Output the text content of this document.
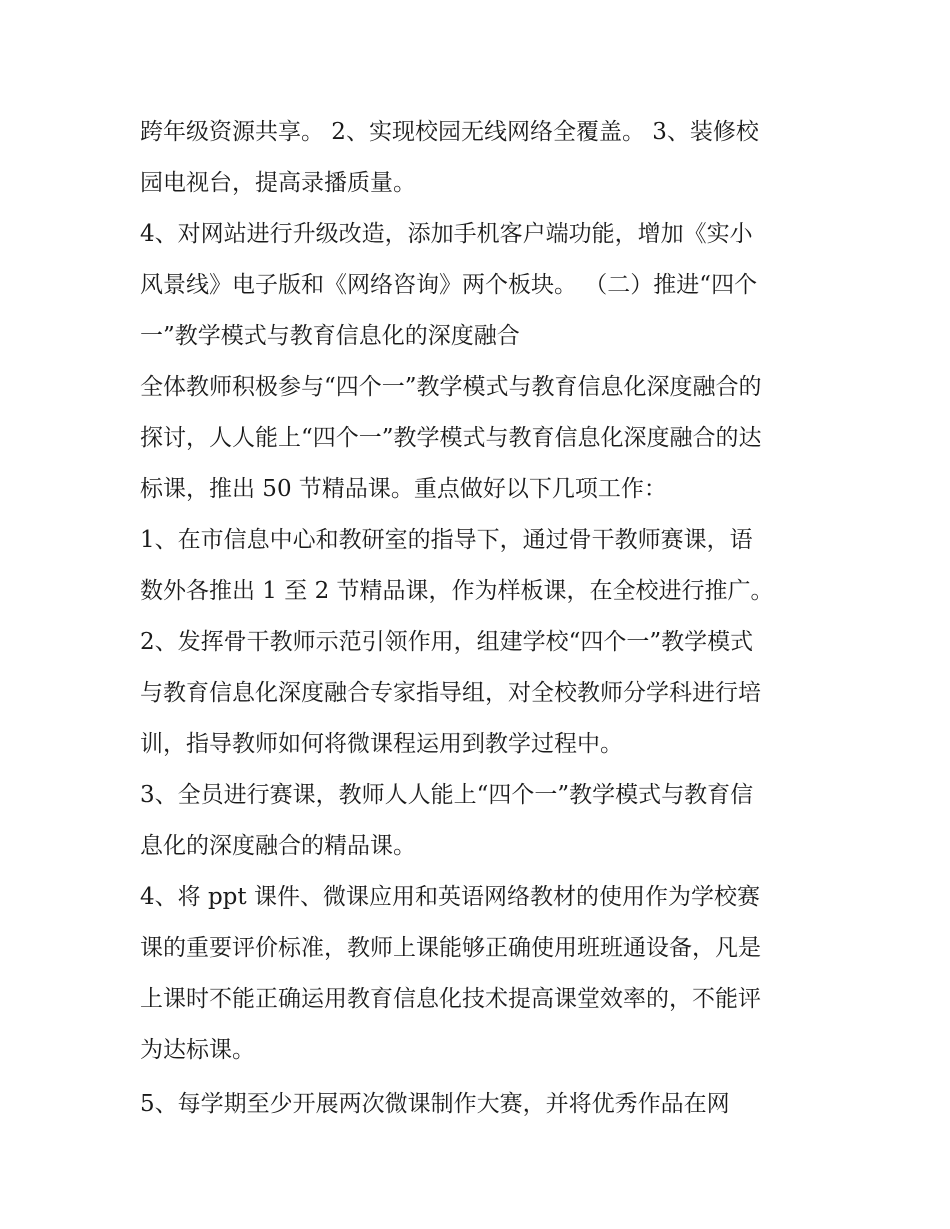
跨年级资源共享。 2、实现校园无线网络全覆盖。 3、装修校
园电视台，提高录播质量。
4、对网站进行升级改造，添加手机客户端功能，增加《实小
风景线》电子版和《网络咨询》两个板块。 （二）推进“四个
一”教学模式与教育信息化的深度融合
全体教师积极参与“四个一”教学模式与教育信息化深度融合的
探讨，人人能上“四个一”教学模式与教育信息化深度融合的达
标课，推出 50 节精品课。重点做好以下几项工作：
1、在市信息中心和教研室的指导下，通过骨干教师赛课，语
数外各推出 1 至 2 节精品课，作为样板课，在全校进行推广。
2、发挥骨干教师示范引领作用，组建学校“四个一”教学模式
与教育信息化深度融合专家指导组，对全校教师分学科进行培
训，指导教师如何将微课程运用到教学过程中。
3、全员进行赛课，教师人人能上“四个一”教学模式与教育信
息化的深度融合的精品课。
4、将 ppt 课件、微课应用和英语网络教材的使用作为学校赛
课的重要评价标准，教师上课能够正确使用班班通设备，凡是
上课时不能正确运用教育信息化技术提高课堂效率的，不能评
为达标课。
5、每学期至少开展两次微课制作大赛，并将优秀作品在网
